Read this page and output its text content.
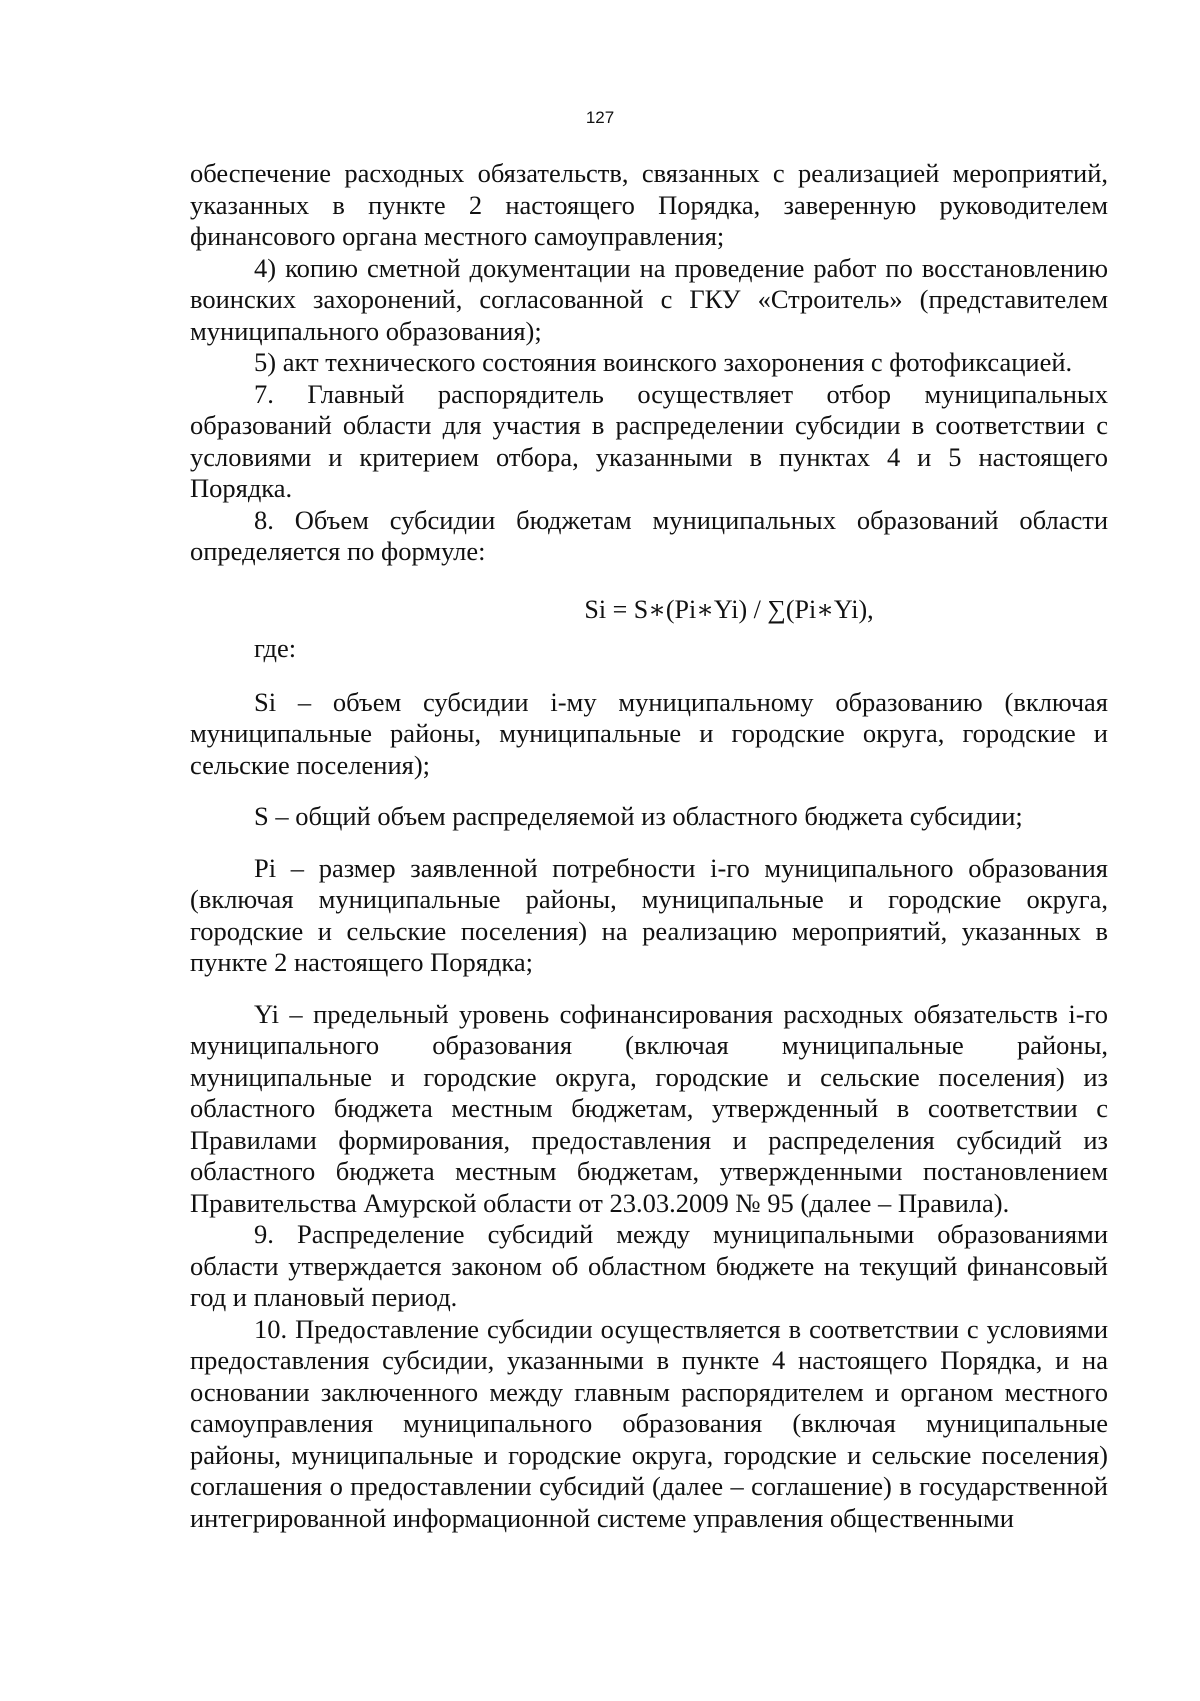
127

обеспечение расходных обязательств, связанных с реализацией мероприятий, указанных в пункте 2 настоящего Порядка, заверенную руководителем финансового органа местного самоуправления;

4) копию сметной документации на проведение работ по восстановлению воинских захоронений, согласованной с ГКУ «Строитель» (представителем муниципального образования);

5) акт технического состояния воинского захоронения с фотофиксацией.

7. Главный распорядитель осуществляет отбор муниципальных образований области для участия в распределении субсидии в соответствии с условиями и критерием отбора, указанными в пунктах 4 и 5 настоящего Порядка.

8. Объем субсидии бюджетам муниципальных образований области определяется по формуле:

Si = S∗(Pi∗Yi) / ∑(Pi∗Yi),

где:

Si – объем субсидии i-му муниципальному образованию (включая муниципальные районы, муниципальные и городские округа, городские и сельские поселения);

S – общий объем распределяемой из областного бюджета субсидии;

Pi – размер заявленной потребности i-го муниципального образования (включая муниципальные районы, муниципальные и городские округа, городские и сельские поселения) на реализацию мероприятий, указанных в пункте 2 настоящего Порядка;

Yi – предельный уровень софинансирования расходных обязательств i-го муниципального образования (включая муниципальные районы, муниципальные и городские округа, городские и сельские поселения) из областного бюджета местным бюджетам, утвержденный в соответствии с Правилами формирования, предоставления и распределения субсидий из областного бюджета местным бюджетам, утвержденными постановлением Правительства Амурской области от 23.03.2009 № 95 (далее – Правила).

9. Распределение субсидий между муниципальными образованиями области утверждается законом об областном бюджете на текущий финансовый год и плановый период.

10. Предоставление субсидии осуществляется в соответствии с условиями предоставления субсидии, указанными в пункте 4 настоящего Порядка, и на основании заключенного между главным распорядителем и органом местного самоуправления муниципального образования (включая муниципальные районы, муниципальные и городские округа, городские и сельские поселения) соглашения о предоставлении субсидий (далее – соглашение) в государственной интегрированной информационной системе управления общественными
